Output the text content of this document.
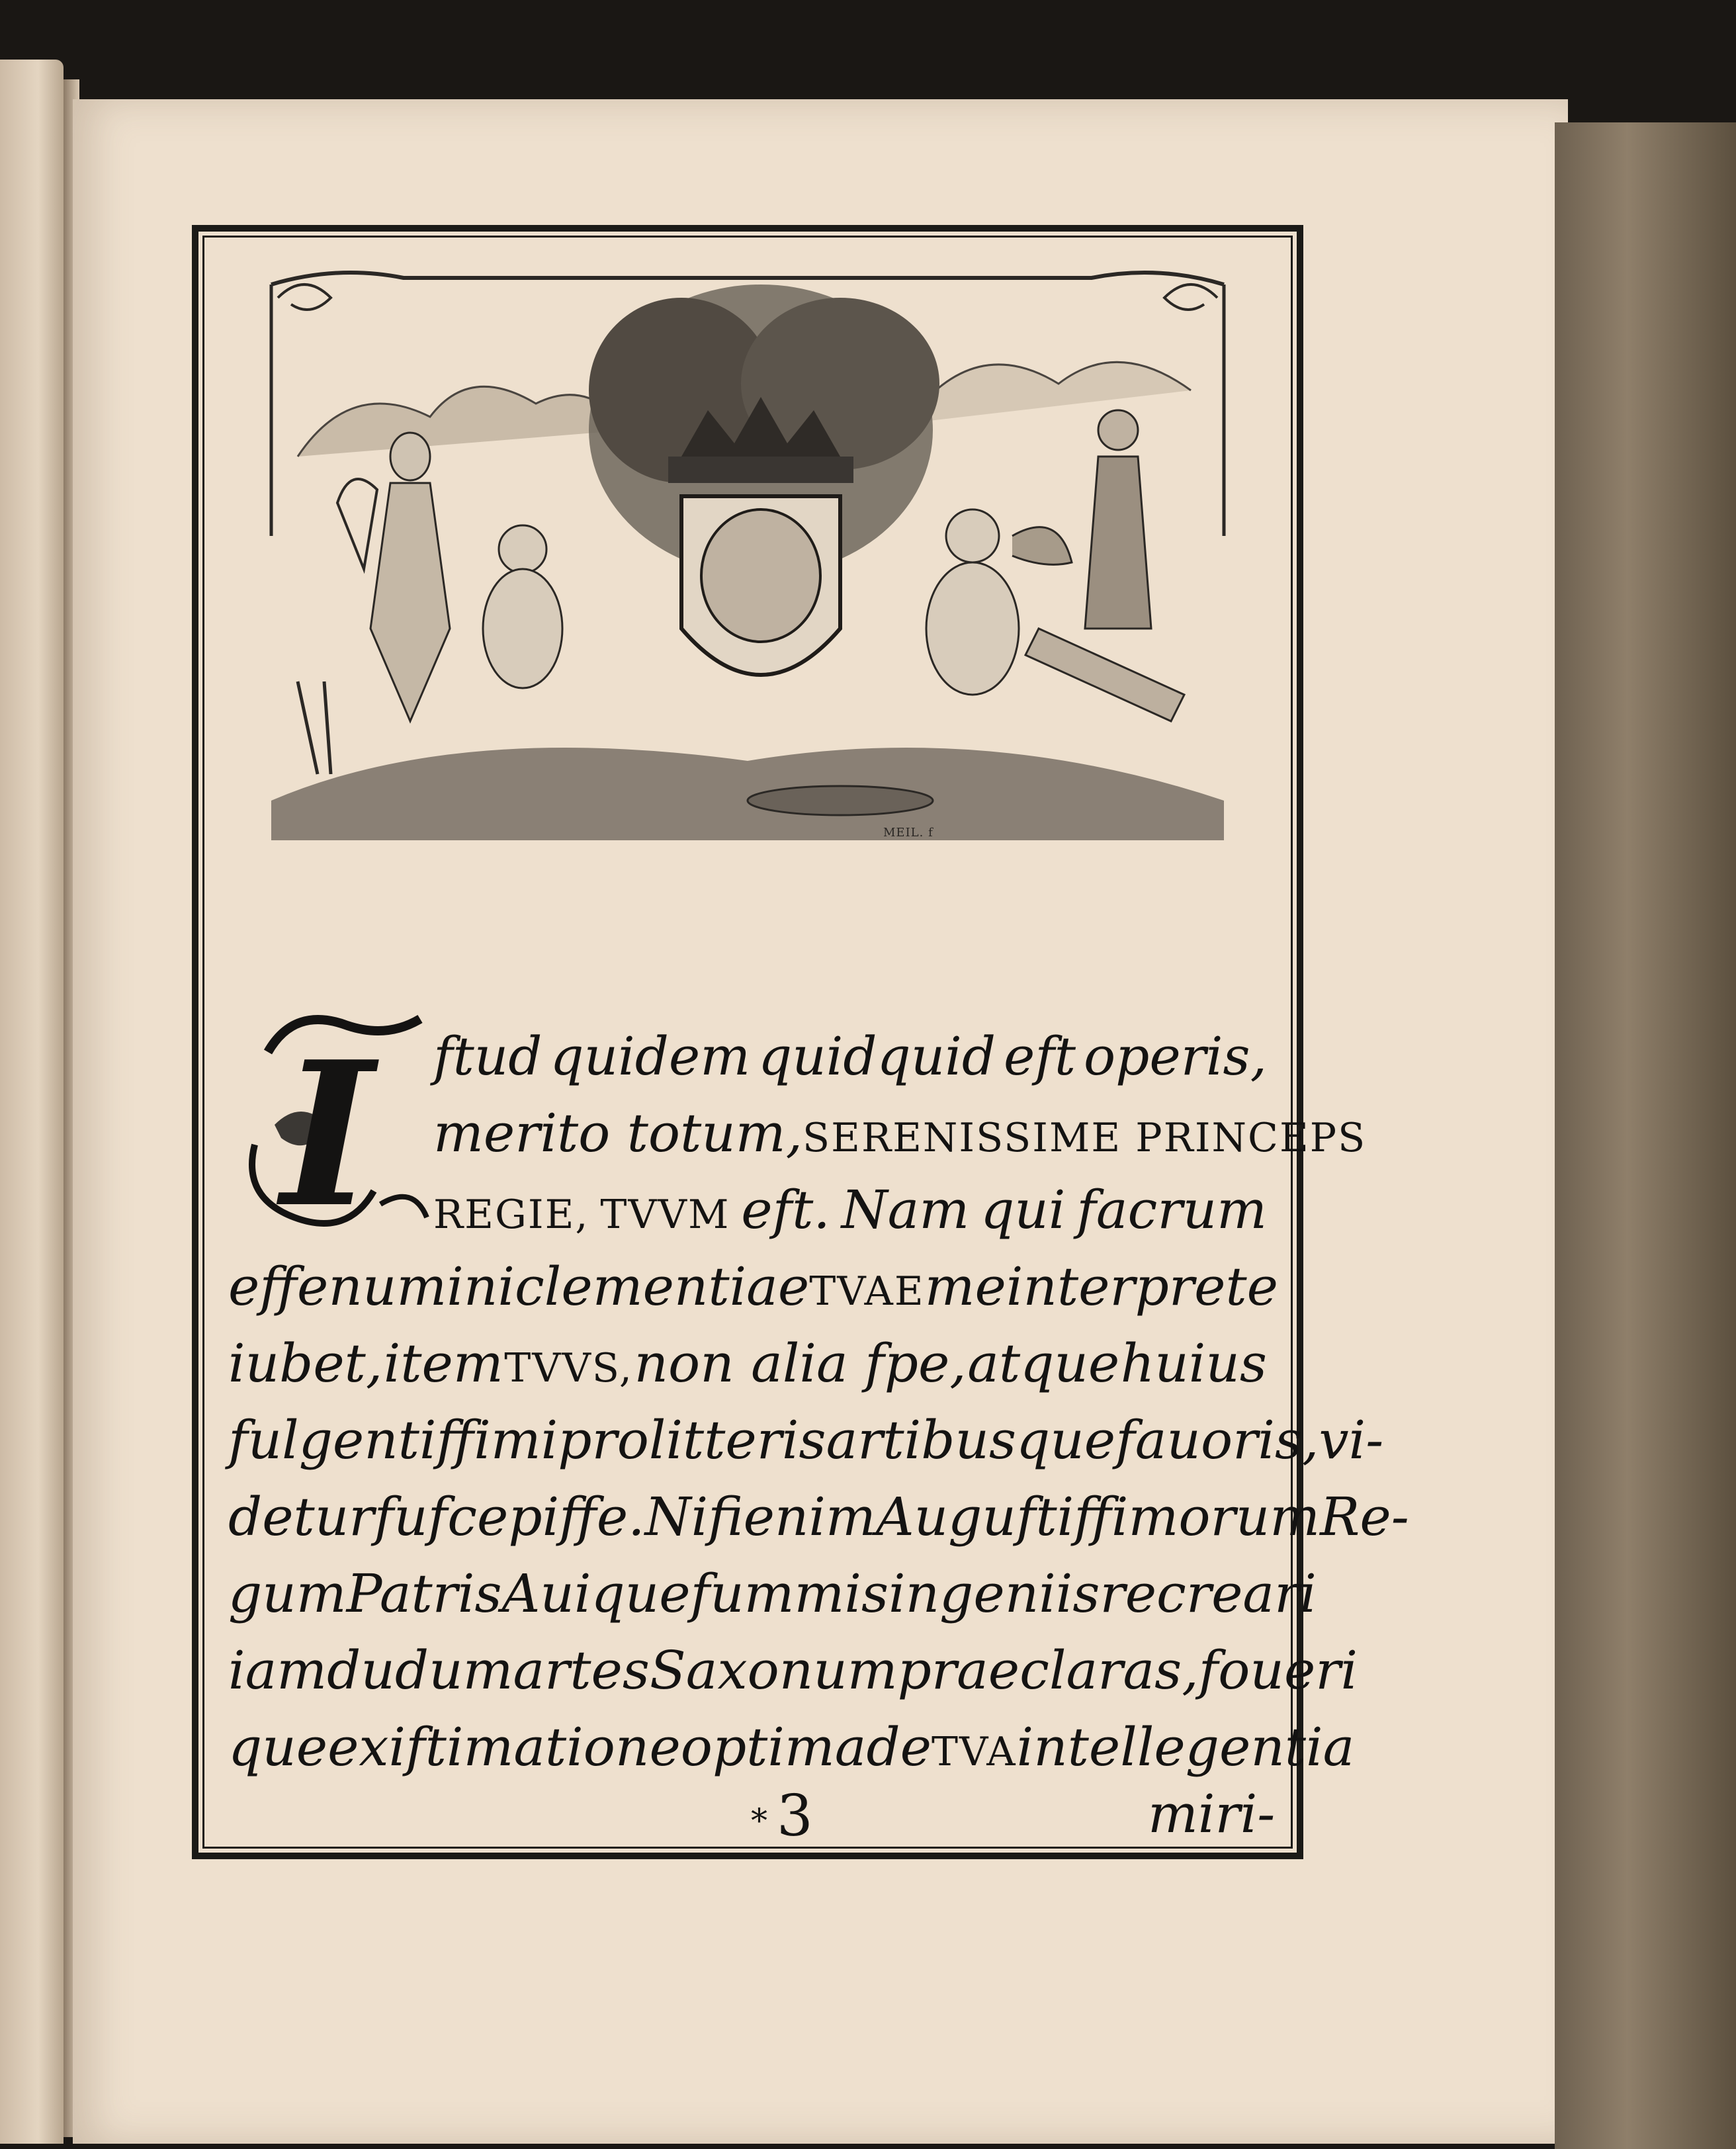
MEIL. f
I ftud quidem quidquid eft operis,
merito totum, SERENISSIME PRINCEPS
REGIE, TVVM eft. Nam qui facrum
effe numini clementiae TVAE me interprete
iubet, item TVVS, non alia fpe, atque huius
fulgentiffimi pro litteris artibus que fauoris, vi-
detur fufcepiffe. Nifi enim Auguftiffimorum Re-
gum Patris Aui que fummis ingeniis recreari
iam dudum artes Saxonum praeclaras, foueri
que exiftimatione optima de TVA intellegentia
* 3	miri-
